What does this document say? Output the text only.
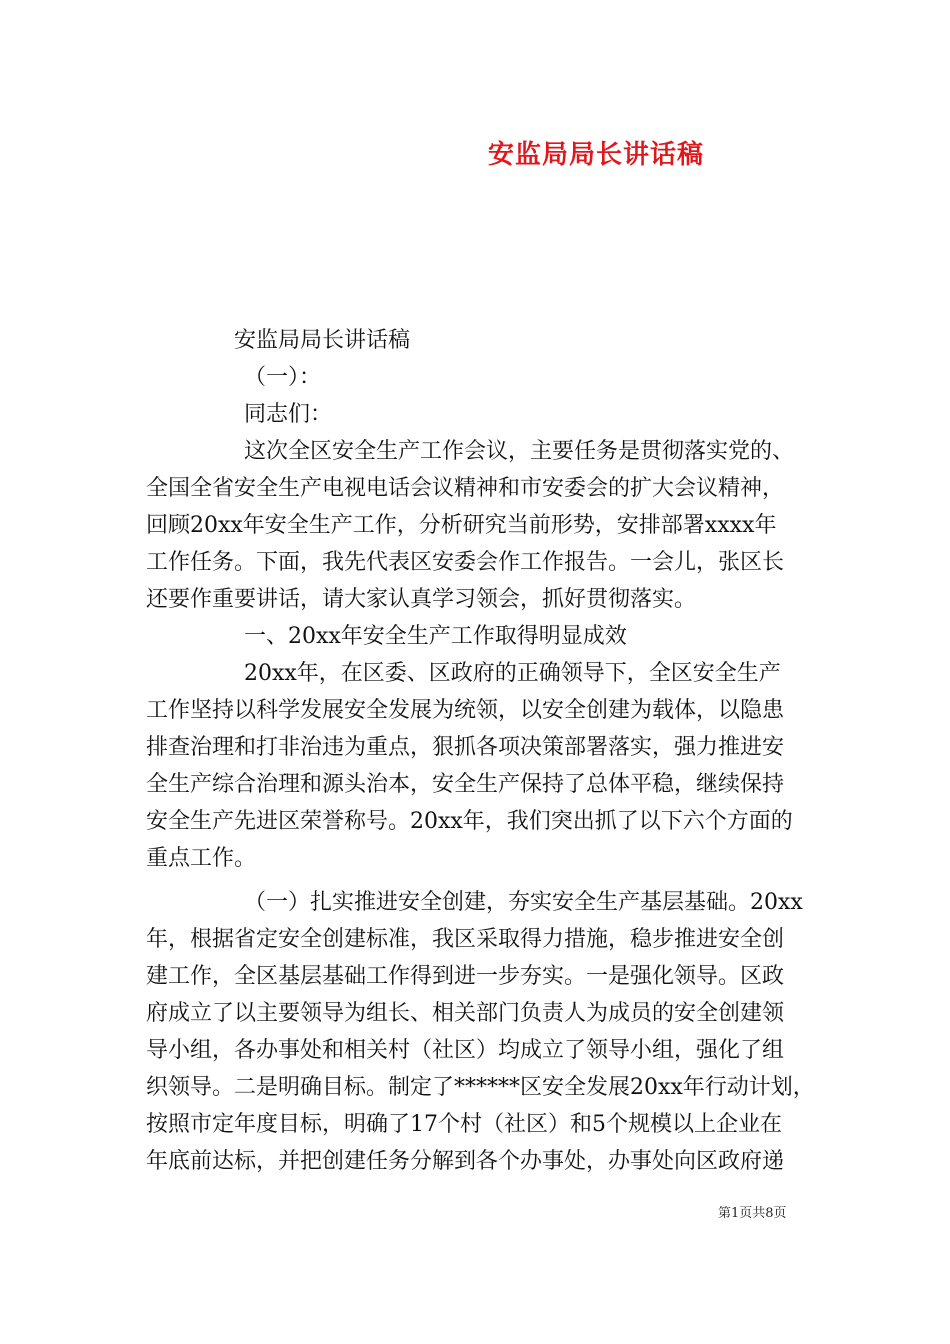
安监局局长讲话稿

安监局局长讲话稿

（一）：

同志们：

这次全区安全生产工作会议，主要任务是贯彻落实党的、

全国全省安全生产电视电话会议精神和市安委会的扩大会议精神，

回顾20xx年安全生产工作，分析研究当前形势，安排部署xxxx年

工作任务。下面，我先代表区安委会作工作报告。一会儿，张区长

还要作重要讲话，请大家认真学习领会，抓好贯彻落实。

一、20xx年安全生产工作取得明显成效

20xx年，在区委、区政府的正确领导下，全区安全生产

工作坚持以科学发展安全发展为统领，以安全创建为载体，以隐患

排查治理和打非治违为重点，狠抓各项决策部署落实，强力推进安

全生产综合治理和源头治本，安全生产保持了总体平稳，继续保持

安全生产先进区荣誉称号。20xx年，我们突出抓了以下六个方面的

重点工作。

（一）扎实推进安全创建，夯实安全生产基层基础。20xx

年，根据省定安全创建标准，我区采取得力措施，稳步推进安全创

建工作，全区基层基础工作得到进一步夯实。一是强化领导。区政

府成立了以主要领导为组长、相关部门负责人为成员的安全创建领

导小组，各办事处和相关村（社区）均成立了领导小组，强化了组

织领导。二是明确目标。制定了******区安全发展20xx年行动计划，

按照市定年度目标，明确了17个村（社区）和5个规模以上企业在

年底前达标，并把创建任务分解到各个办事处，办事处向区政府递

第1页共8页
